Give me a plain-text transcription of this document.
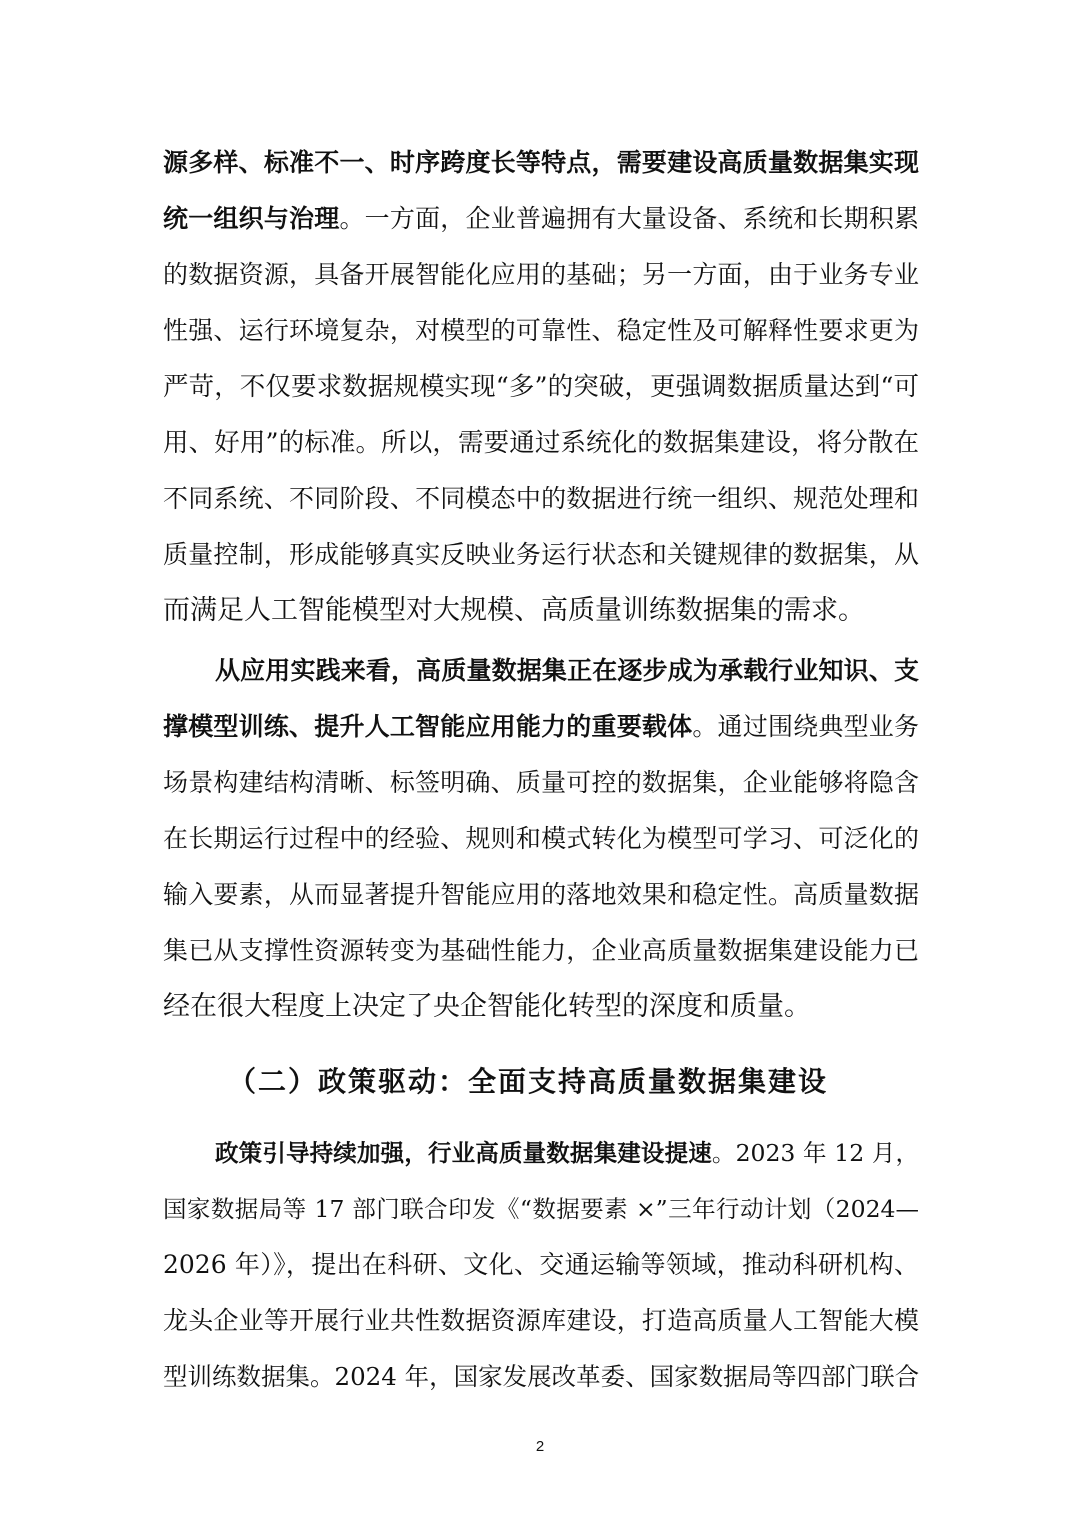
源多样、标准不一、时序跨度长等特点，需要建设高质量数据集实现
统一组织与治理。一方面，企业普遍拥有大量设备、系统和长期积累
的数据资源，具备开展智能化应用的基础；另一方面，由于业务专业
性强、运行环境复杂，对模型的可靠性、稳定性及可解释性要求更为
严苛，不仅要求数据规模实现“多”的突破，更强调数据质量达到“可
用、好用”的标准。所以，需要通过系统化的数据集建设，将分散在
不同系统、不同阶段、不同模态中的数据进行统一组织、规范处理和
质量控制，形成能够真实反映业务运行状态和关键规律的数据集，从
而满足人工智能模型对大规模、高质量训练数据集的需求。
从应用实践来看，高质量数据集正在逐步成为承载行业知识、支
撑模型训练、提升人工智能应用能力的重要载体。通过围绕典型业务
场景构建结构清晰、标签明确、质量可控的数据集，企业能够将隐含
在长期运行过程中的经验、规则和模式转化为模型可学习、可泛化的
输入要素，从而显著提升智能应用的落地效果和稳定性。高质量数据
集已从支撑性资源转变为基础性能力，企业高质量数据集建设能力已
经在很大程度上决定了央企智能化转型的深度和质量。
（二）政策驱动：全面支持高质量数据集建设
政策引导持续加强，行业高质量数据集建设提速。2023 年 12 月，
国家数据局等 17 部门联合印发《“数据要素 ×”三年行动计划（2024—
2026 年）》，提出在科研、文化、交通运输等领域，推动科研机构、
龙头企业等开展行业共性数据资源库建设，打造高质量人工智能大模
型训练数据集。2024 年，国家发展改革委、国家数据局等四部门联合
2
